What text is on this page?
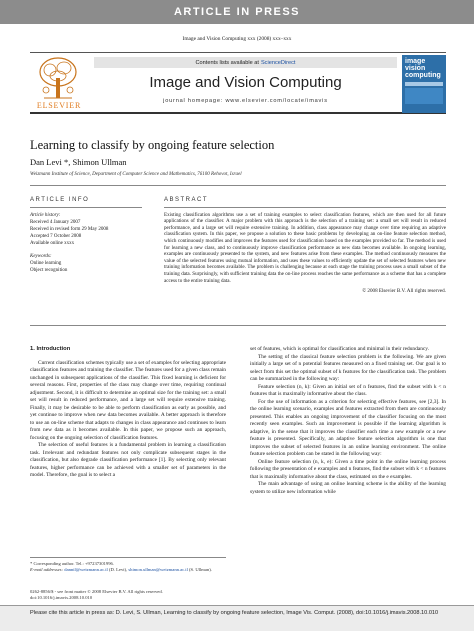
ARTICLE IN PRESS
Image and Vision Computing xxx (2008) xxx–xxx
ELSEVIER
Contents lists available at ScienceDirect
Image and Vision Computing
journal homepage: www.elsevier.com/locate/imavis
image
vision
computing
Learning to classify by ongoing feature selection
Dan Levi *, Shimon Ullman
Weizmann Institute of Science, Department of Computer Science and Mathematics, 76100 Rehovot, Israel
ARTICLE INFO
Article history:
Received 4 January 2007
Received in revised form 29 May 2008
Accepted 7 October 2008
Available online xxxx
Keywords:
Online learning
Object recognition
ABSTRACT
Existing classification algorithms use a set of training examples to select classification features, which are then used for all future applications of the classifier. A major problem with this approach is the selection of a training set: a small set will result in reduced performance, and a large set will require extensive training. In addition, class appearance may change over time requiring an adaptive classification system. In this paper, we propose a solution to these basic problems by developing an on-line feature selection method, which continuously modifies and improves the features used for classification based on the examples provided so far. The method is used for learning a new class, and to continuously improve classification performance as new data becomes available. In ongoing learning, examples are continuously presented to the system, and new features arise from these examples. The method continuously measures the value of the selected features using mutual information, and uses these values to efficiently update the set of selected features when new training information becomes available. The problem is challenging because at each stage the training process uses a small subset of the training data. Surprisingly, with sufficient training data the on-line process reaches the same performance as a scheme that has a complete access to the entire training data.
© 2008 Elsevier B.V. All rights reserved.
1. Introduction

Current classification schemes typically use a set of examples for selecting appropriate classification features and training the classifier. The features used for a given class remain unchanged in subsequent applications of the classifier. This fixed learning is deficient for several reasons. First, properties of the class may change over time, requiring continual adjustment. Second, it is difficult to determine an optimal size for the training set: a small set will result in reduced performance, and a large set will require extensive training. Finally, it may be desirable to be able to perform classification as early as possible, and yet continue to improve when new data becomes available. A better approach is therefore to use an on-line scheme that adapts to changes in class appearance and continues to learn from new data as it becomes available. In this paper, we propose such an approach, focusing on the ongoing selection of classification features.

The selection of useful features is a fundamental problem in learning a classification task. Irrelevant and redundant features not only complicate subsequent stages in the classification, but also degrade classification performance [1]. By selecting only relevant features, higher performance can be achieved with a smaller set of parameters in the model. Therefore, the goal is to select a

set of features, which is optimal for classification and minimal in their redundancy.

The setting of the classical feature selection problem is the following. We are given initially a large set of n potential features measured on a fixed training set. Our goal is to select from this set the optimal subset of k features for the classification task. The problem can be summarized in the following way:

Feature selection (n, k): Given an initial set of n features, find the subset with k < n features that is maximally informative about the class.

For the use of information as a criterion for selecting effective features, see [2,3]. In the online learning scenario, examples and features extracted from them are continuously presented. This enables an ongoing improvement of the classifier focusing on the most recently seen examples. Such an improvement is possible if the learning algorithm is adaptive, in the sense that it improves the classifier each time a new example or a new feature is presented. Specifically, an adaptive feature selection algorithm is one that improves the subset of selected features in an online learning environment. The online feature selection problem can be stated in the following way:

Online feature selection (n, k, e): Given a time point in the online learning process following the presentation of e examples and n features, find the subset with k < n features that is maximally informative about the class, estimated on the e examples.

The main advantage of using an online learning scheme is the ability of the learning system to utilize new information while

* Corresponding author. Tel.: +97237301996.
E-mail addresses: dannil@weizmann.ac.il (D. Levi), shimon.ullman@weizmann.ac.il (S. Ullman).
0262-8856/$ - see front matter © 2008 Elsevier B.V. All rights reserved.
doi:10.1016/j.imavis.2008.10.010
Please cite this article in press as: D. Levi, S. Ullman, Learning to classify by ongoing feature selection, Image Vis. Comput. (2008), doi:10.1016/j.imavis.2008.10.010
